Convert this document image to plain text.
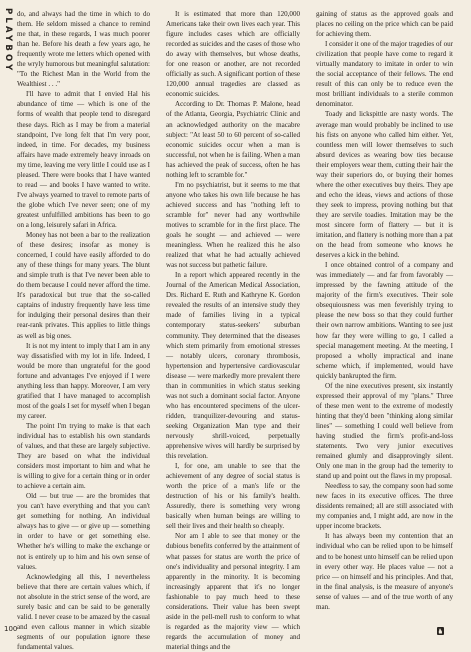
PLAYBOY do, and always had the time in which to do them. He seldom missed a chance to remind me that, in these regards, I was much poorer than he. Before his death a few years ago, he frequently wrote me letters which opened with the wryly humorous but meaningful salutation: "To the Richest Man in the World from the Wealthiest . . ."

I'll have to admit that I envied Hal his abundance of time — which is one of the forms of wealth that people tend to disregard these days. Rich as I may be from a material standpoint, I've long felt that I'm very poor, indeed, in time. For decades, my business affairs have made extremely heavy inroads on my time, leaving me very little I could use as I pleased. There were books that I have wanted to read — and books I have wanted to write. I've always yearned to travel to remote parts of the globe which I've never seen; one of my greatest unfulfilled ambitions has been to go on a long, leisurely safari in Africa.

Money has not been a bar to the realization of these desires; insofar as money is concerned, I could have easily afforded to do any of these things for many years. The blunt and simple truth is that I've never been able to do them because I could never afford the time. It's paradoxical but true that the so-called captains of industry frequently have less time for indulging their personal desires than their rear-rank privates. This applies to little things as well as big ones.

It is not my intent to imply that I am in any way dissatisfied with my lot in life. Indeed, I would be more than ungrateful for the good fortune and advantages I've enjoyed if I were anything less than happy. Moreover, I am very gratified that I have managed to accomplish most of the goals I set for myself when I began my career.

The point I'm trying to make is that each individual has to establish his own standards of values, and that these are largely subjective. They are based on what the individual considers most important to him and what he is willing to give for a certain thing or in order to achieve a certain aim.

Old — but true — are the bromides that you can't have everything and that you can't get something for nothing. An individual always has to give — or give up — something in order to have or get something else. Whether he's willing to make the exchange or not is entirely up to him and his own sense of values.

Acknowledging all this, I nevertheless believe that there are certain values which, if not absolute in the strict sense of the word, are surely basic and can be said to be generally valid. I never cease to be amazed by the casual and even callous manner in which sizable segments of our population ignore these fundamental values.

It is estimated that more than 120,000 Americans take their own lives each year. This figure includes cases which are officially recorded as suicides and the cases of those who do away with themselves, but whose deaths, for one reason or another, are not recorded officially as such. A significant portion of these 120,000 annual tragedies are classed as economic suicides.

According to Dr. Thomas P. Malone, head of the Atlanta, Georgia, Psychiatric Clinic and an acknowledged authority on the macabre subject: "At least 50 to 60 percent of so-called economic suicides occur when a man is successful, not when he is failing. When a man has achieved the peak of success, often he has nothing left to scramble for."

I'm no psychiatrist, but it seems to me that anyone who takes his own life because he has achieved success and has "nothing left to scramble for" never had any worthwhile motives to scramble for in the first place. The goals he sought — and achieved — were meaningless. When he realized this he also realized that what he had actually achieved was not success but pathetic failure.

In a report which appeared recently in the Journal of the American Medical Association, Drs. Richard E. Ruth and Kathryne K. Gordon revealed the results of an intensive study they made of families living in a typical contemporary status-seekers' suburban community. They determined that the diseases which stem primarily from emotional stresses — notably ulcers, coronary thrombosis, hypertension and hypertensive cardiovascular disease — were markedly more prevalent there than in communities in which status seeking was not such a dominant social factor. Anyone who has encountered specimens of the ulcer-ridden, tranquilizer-devouring and status-seeking Organization Man type and their nervously shrill-voiced, perpetually apprehensive wives will hardly be surprised by this revelation.

I, for one, am unable to see that the achievement of any degree of social status is worth the price of a man's life or the destruction of his or his family's health. Assuredly, there is something very wrong basically when human beings are willing to sell their lives and their health so cheaply.

Nor am I able to see that money or the dubious benefits conferred by the attainment of what passes for status are worth the price of one's individuality and personal integrity. I am apparently in the minority. It is becoming increasingly apparent that it's no longer fashionable to pay much heed to these considerations. Their value has been swept aside in the pell-mell rush to conform to what is regarded as the majority view — which regards the accumulation of money and material things and the

gaining of status as the approved goals and places no ceiling on the price which can be paid for achieving them.

I consider it one of the major tragedies of our civilization that people have come to regard it virtually mandatory to imitate in order to win the social acceptance of their fellows. The end result of this can only be to reduce even the most brilliant individuals to a sterile common denominator.

Toady and lickspittle are nasty words. The average man would probably be inclined to use his fists on anyone who called him either. Yet, countless men will lower themselves to such absurd devices as wearing bow ties because their employers wear them, cutting their hair the way their superiors do, or buying their homes where the other executives buy theirs. They ape and echo the ideas, views and actions of those they seek to impress, proving nothing but that they are servile toadies. Imitation may be the most sincere form of flattery — but it is imitation, and flattery is nothing more than a pat on the head from someone who knows he deserves a kick in the behind.

I once obtained control of a company and was immediately — and far from favorably — impressed by the fawning attitude of the majority of the firm's executives. Their sole obsequiousness was men feverishly trying to please the new boss so that they could further their own narrow ambitions. Wanting to see just how far they were willing to go, I called a special management meeting. At the meeting, I proposed a wholly impractical and inane scheme which, if implemented, would have quickly bankrupted the firm.

Of the nine executives present, six instantly expressed their approval of my "plans." Three of these men went to the extreme of modestly hinting that they'd been "thinking along similar lines" — something I could well believe from having studied the firm's profit-and-loss statements. Two very junior executives remained glumly and disapprovingly silent. Only one man in the group had the temerity to stand up and point out the flaws in my proposal.

Needless to say, the company soon had some new faces in its executive offices. The three dissidents remained; all are still associated with my companies and, I might add, are now in the upper income brackets.

It has always been my contention that an individual who can be relied upon to be himself and to be honest unto himself can be relied upon in every other way. He places value — not a price — on himself and his principles. And that, in the final analysis, is the measure of anyone's sense of values — and of the true worth of any man.

100
